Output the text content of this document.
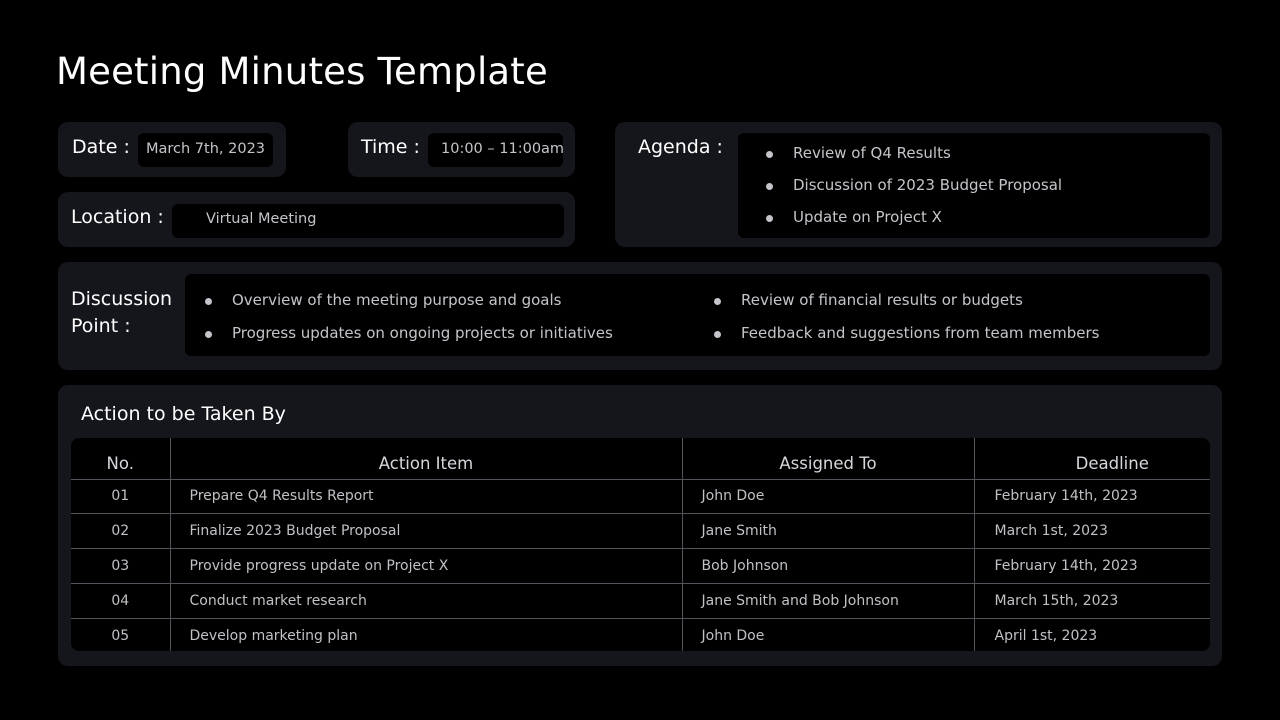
Meeting Minutes Template
Date : March 7th, 2023	Time : 10:00 – 11:00am
Location :	Virtual Meeting
Agenda :	Review of Q4 Results
Discussion of 2023 Budget Proposal
Update on Project X
Discussion
Point :
Overview of the meeting purpose and goals
Progress updates on ongoing projects or initiatives
Review of financial results or budgets
Feedback and suggestions from team members
Action to be Taken By
No.	Action Item	Assigned To	Deadline
01	Prepare Q4 Results Report	John Doe	February 14th, 2023
02	Finalize 2023 Budget Proposal	Jane Smith	March 1st, 2023
03	Provide progress update on Project X	Bob Johnson	February 14th, 2023
04	Conduct market research	Jane Smith and Bob Johnson	March 15th, 2023
05	Develop marketing plan	John Doe	April 1st, 2023
